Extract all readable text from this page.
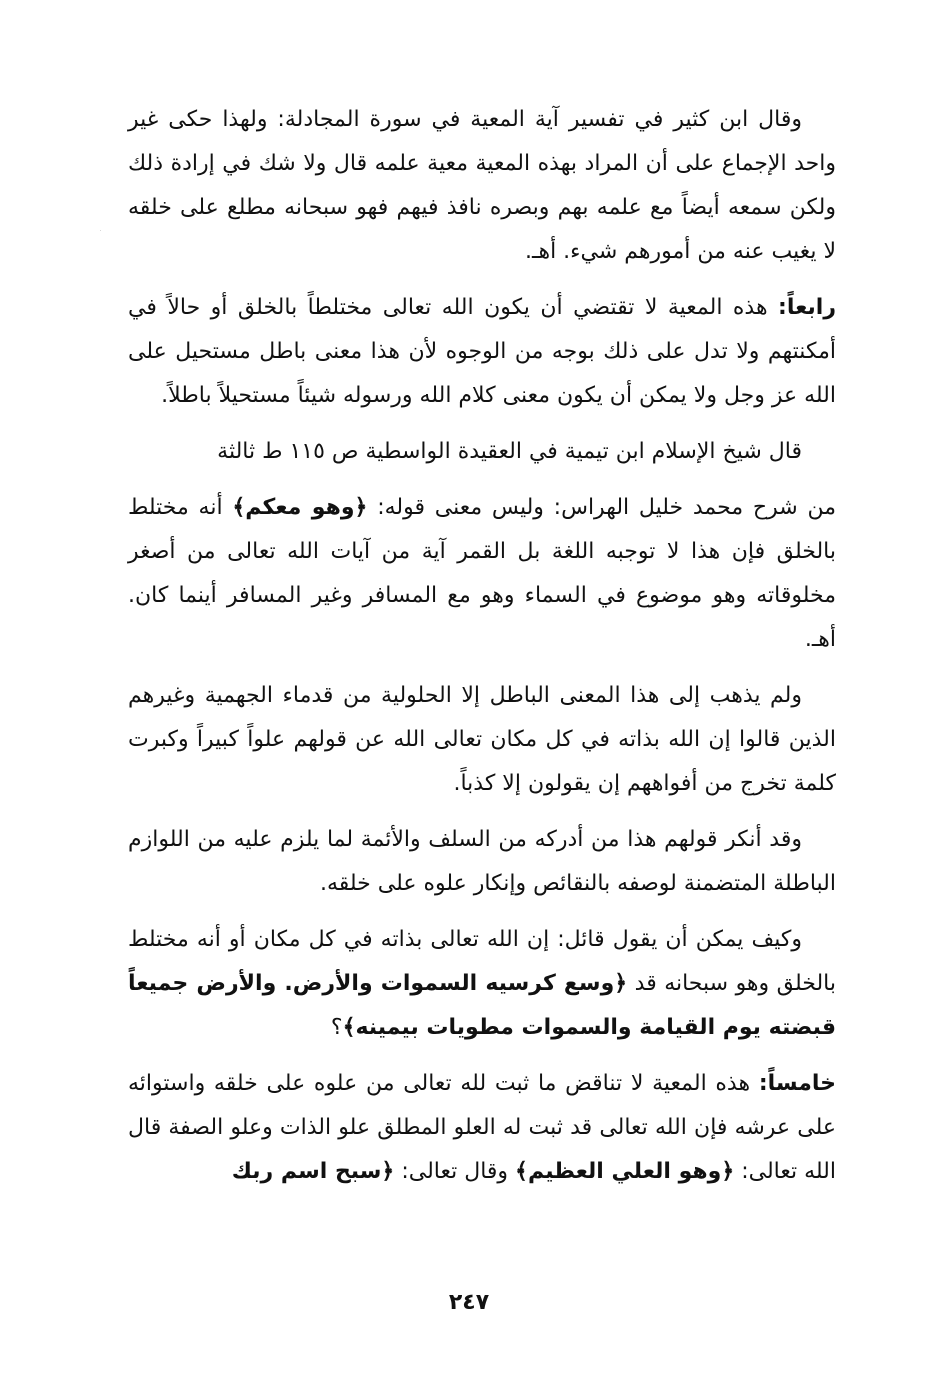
وقال ابن كثير في تفسير آية المعية في سورة المجادلة: ولهذا حكى غير واحد الإجماع على أن المراد بهذه المعية معية علمه قال ولا شك في إرادة ذلك ولكن سمعه أيضاً مع علمه بهم وبصره نافذ فيهم فهو سبحانه مطلع على خلقه لا يغيب عنه من أمورهم شيء. أهـ.

رابعاً: هذه المعية لا تقتضي أن يكون الله تعالى مختلطاً بالخلق أو حالاً في أمكنتهم ولا تدل على ذلك بوجه من الوجوه لأن هذا معنى باطل مستحيل على الله عز وجل ولا يمكن أن يكون معنى كلام الله ورسوله شيئاً مستحيلاً باطلاً.

قال شيخ الإسلام ابن تيمية في العقيدة الواسطية ص ١١٥ ط ثالثة

من شرح محمد خليل الهراس: وليس معنى قوله: ﴿وهو معكم﴾ أنه مختلط بالخلق فإن هذا لا توجبه اللغة بل القمر آية من آيات الله تعالى من أصغر مخلوقاته وهو موضوع في السماء وهو مع المسافر وغير المسافر أينما كان. أهـ.

ولم يذهب إلى هذا المعنى الباطل إلا الحلولية من قدماء الجهمية وغيرهم الذين قالوا إن الله بذاته في كل مكان تعالى الله عن قولهم علواً كبيراً وكبرت كلمة تخرج من أفواههم إن يقولون إلا كذباً.

وقد أنكر قولهم هذا من أدركه من السلف والأئمة لما يلزم عليه من اللوازم الباطلة المتضمنة لوصفه بالنقائص وإنكار علوه على خلقه.

وكيف يمكن أن يقول قائل: إن الله تعالى بذاته في كل مكان أو أنه مختلط بالخلق وهو سبحانه قد ﴿وسع كرسيه السموات والأرض. والأرض جميعاً قبضته يوم القيامة والسموات مطويات بيمينه﴾؟

خامساً: هذه المعية لا تناقض ما ثبت لله تعالى من علوه على خلقه واستوائه على عرشه فإن الله تعالى قد ثبت له العلو المطلق علو الذات وعلو الصفة قال الله تعالى: ﴿وهو العلي العظيم﴾ وقال تعالى: ﴿سبح اسم ربك

٢٤٧
